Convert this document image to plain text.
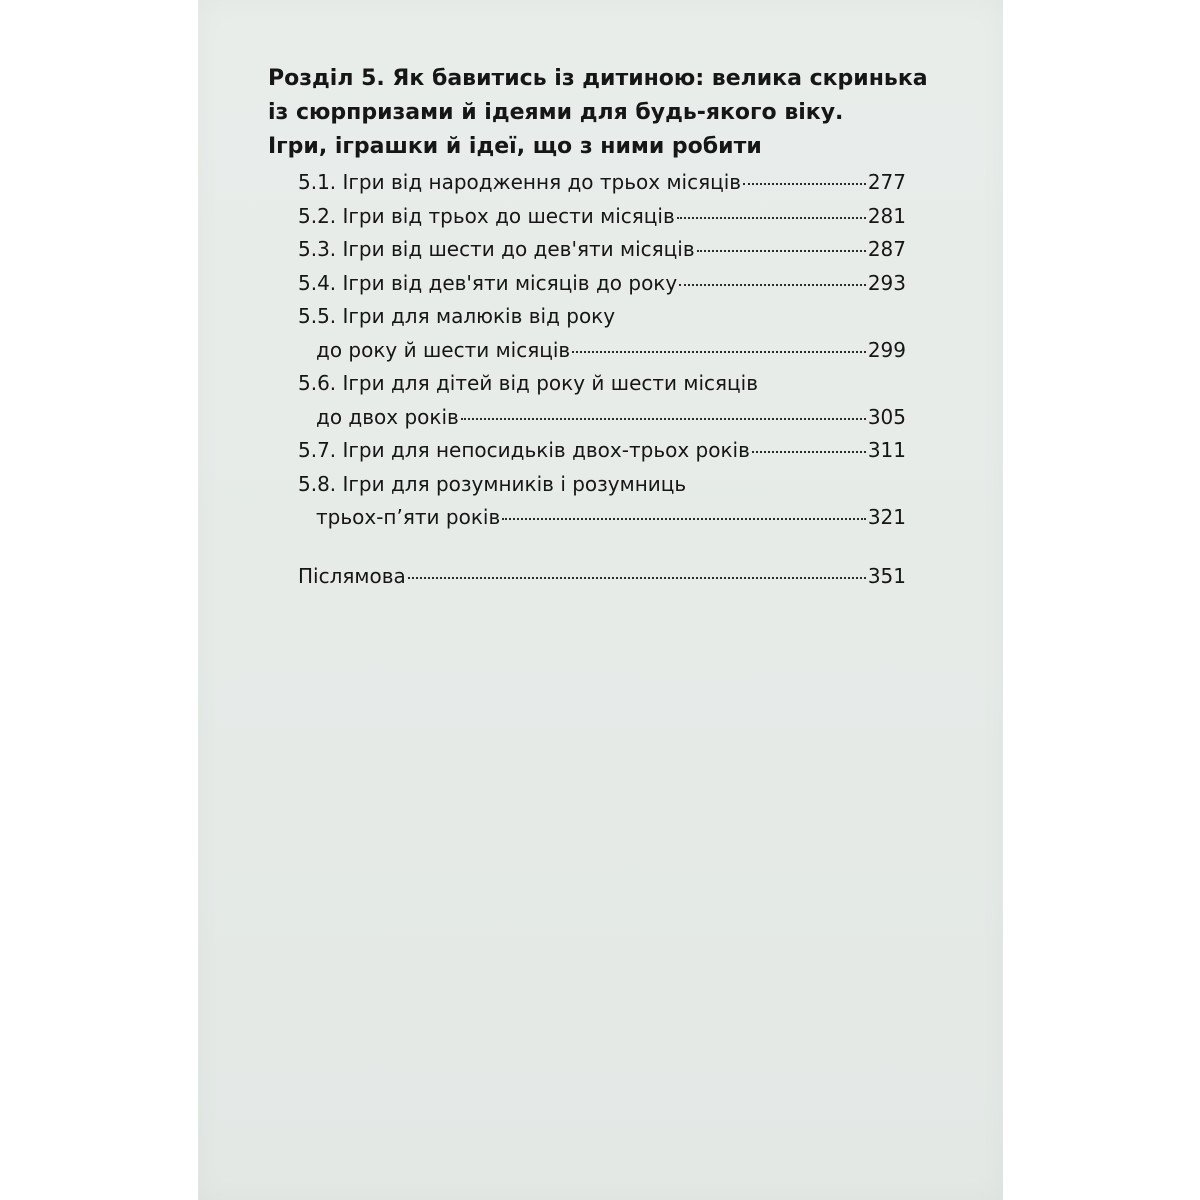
Розділ 5. Як бавитись із дитиною: велика скринька
із сюрпризами й ідеями для будь-якого віку.
Ігри, іграшки й ідеї, що з ними робити
5.1. Ігри від народження до трьох місяців	277
5.2. Ігри від трьох до шести місяців	281
5.3. Ігри від шести до дев'яти місяців	287
5.4. Ігри від дев'яти місяців до року	293
5.5. Ігри для малюків від року
до року й шести місяців	299
5.6. Ігри для дітей від року й шести місяців
до двох років	305
5.7. Ігри для непосидьків двох-трьох років	311
5.8. Ігри для розумників і розумниць
трьох-п’яти років	321
Післямова	351
